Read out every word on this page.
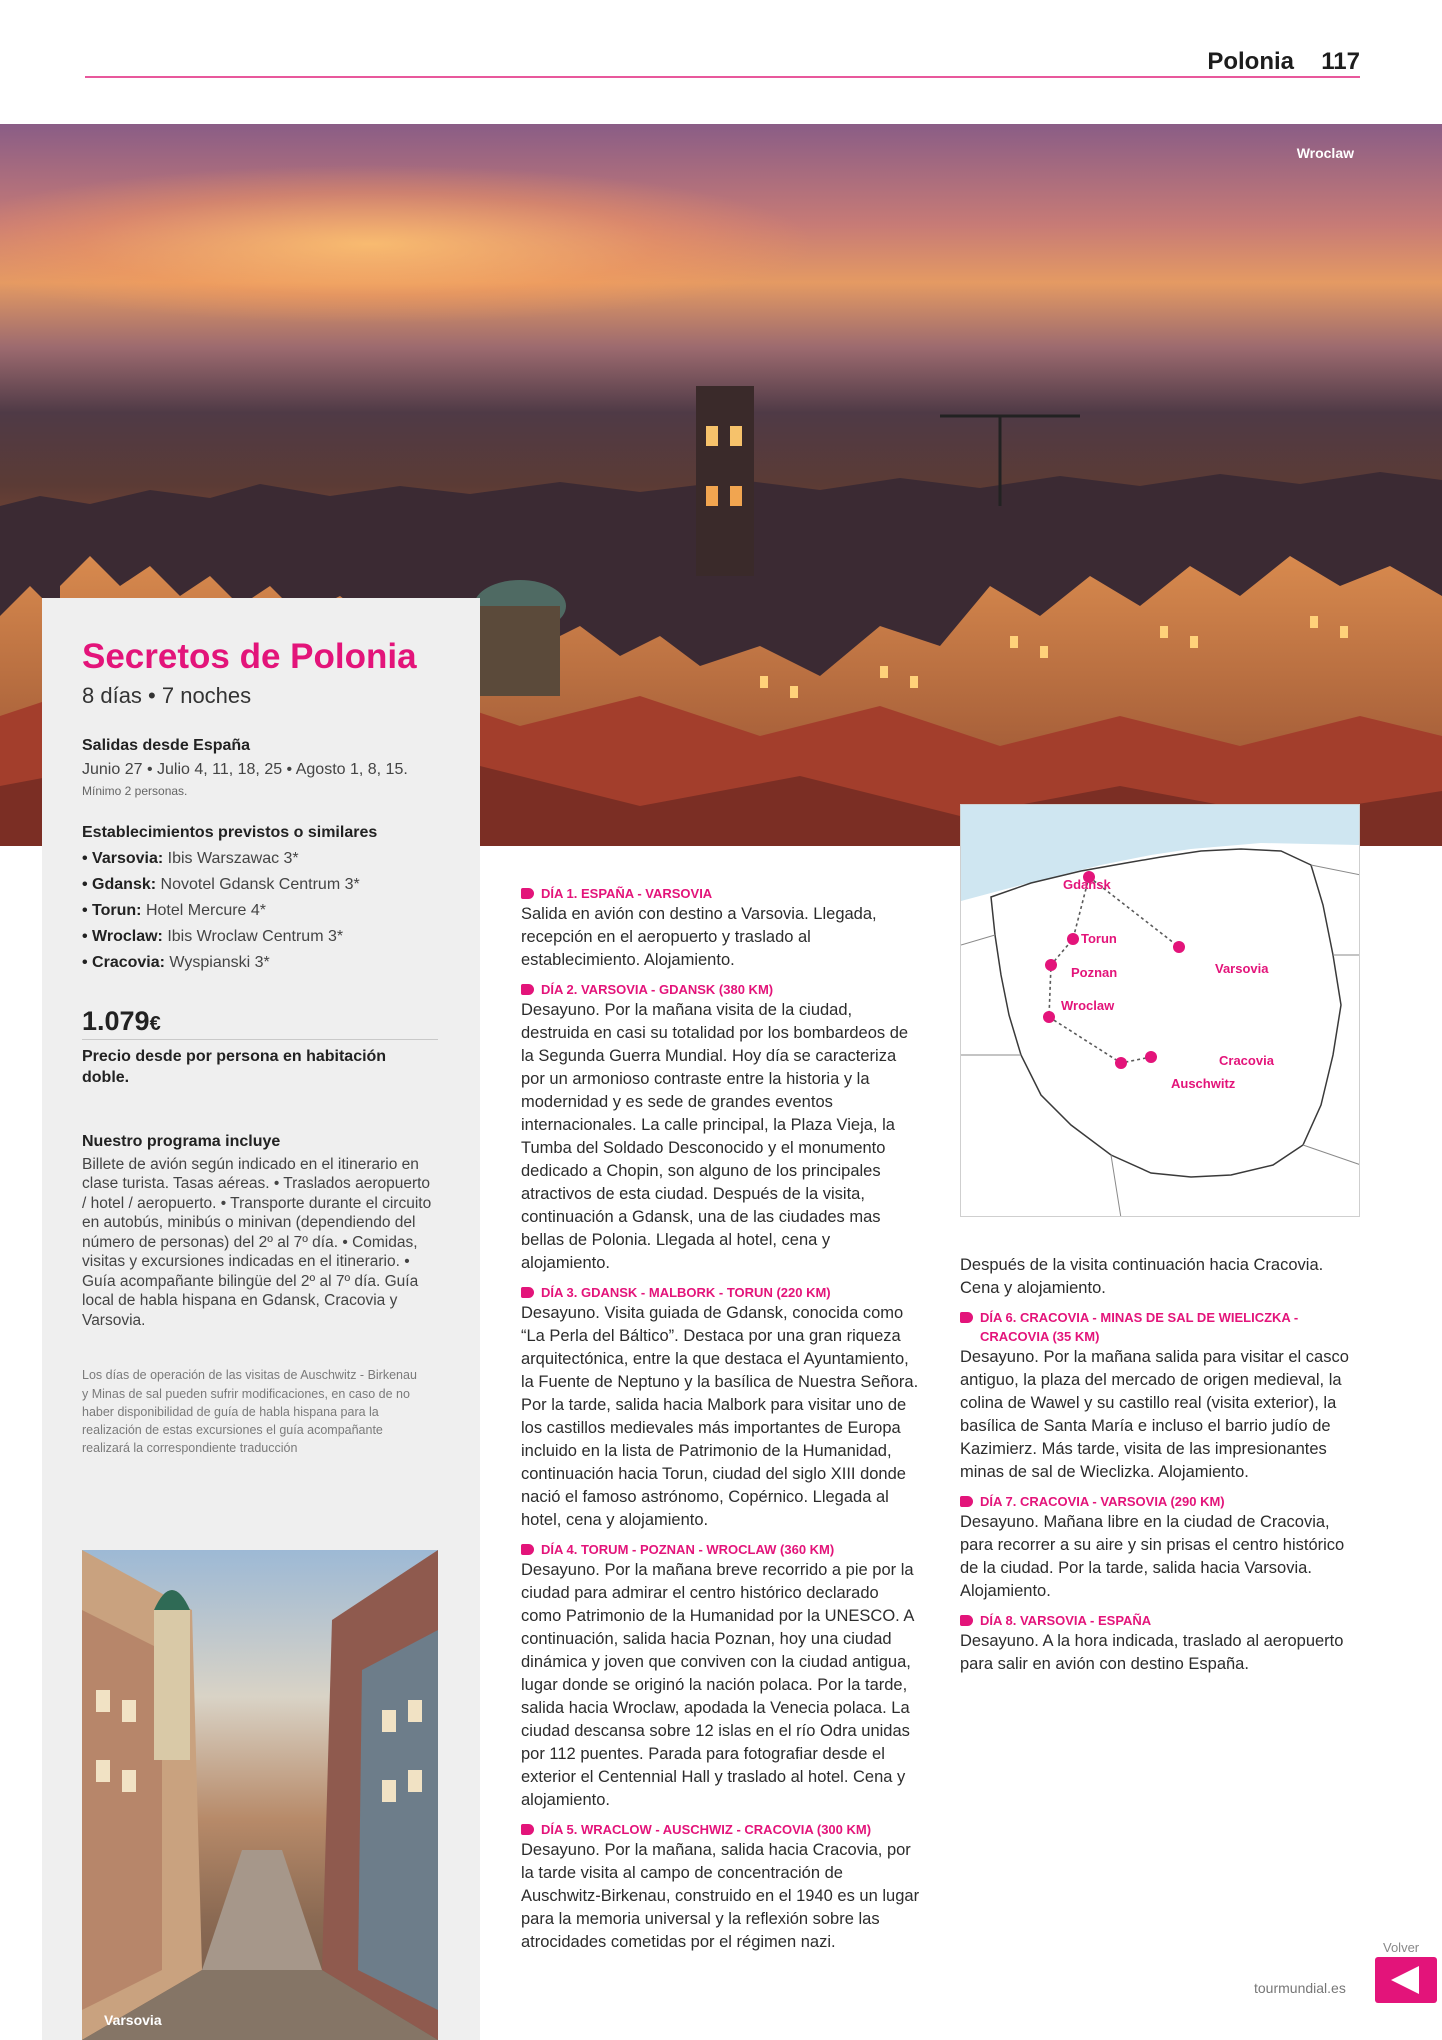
Polonia 117
Wroclaw
Secretos de Polonia
8 días • 7 noches
Salidas desde España
Junio 27 • Julio 4, 11, 18, 25 • Agosto 1, 8, 15.
Mínimo 2 personas.
Establecimientos previstos o similares
• Varsovia: Ibis Warszawac 3*
• Gdansk: Novotel Gdansk Centrum 3*
• Torun: Hotel Mercure 4*
• Wroclaw: Ibis Wroclaw Centrum 3*
• Cracovia: Wyspianski 3*
1.079€
Precio desde por persona en habitación doble.
Nuestro programa incluye
Billete de avión según indicado en el itinerario en clase turista. Tasas aéreas. • Traslados aeropuerto / hotel / aeropuerto. • Transporte durante el circuito en autobús, minibús o minivan (dependiendo del número de personas) del 2º al 7º día. • Comidas, visitas y excursiones indicadas en el itinerario. • Guía acompañante bilingüe del 2º al 7º día. Guía local de habla hispana en Gdansk, Cracovia y Varsovia.
Los días de operación de las visitas de Auschwitz - Birkenau y Minas de sal pueden sufrir modificaciones, en caso de no haber disponibilidad de guía de habla hispana para la realización de estas excursiones el guía acompañante realizará la correspondiente traducción
Varsovia
DÍA 1. ESPAÑA - VARSOVIA
Salida en avión con destino a Varsovia. Llegada, recepción en el aeropuerto y traslado al establecimiento. Alojamiento.
DÍA 2. VARSOVIA - GDANSK (380 KM)
Desayuno. Por la mañana visita de la ciudad, destruida en casi su totalidad por los bombardeos de la Segunda Guerra Mundial. Hoy día se caracteriza por un armonioso contraste entre la historia y la modernidad y es sede de grandes eventos internacionales. La calle principal, la Plaza Vieja, la Tumba del Soldado Desconocido y el monumento dedicado a Chopin, son alguno de los principales atractivos de esta ciudad. Después de la visita, continuación a Gdansk, una de las ciudades mas bellas de Polonia. Llegada al hotel, cena y alojamiento.
DÍA 3. GDANSK - MALBORK - TORUN (220 KM)
Desayuno. Visita guiada de Gdansk, conocida como “La Perla del Báltico”. Destaca por una gran riqueza arquitectónica, entre la que destaca el Ayuntamiento, la Fuente de Neptuno y la basílica de Nuestra Señora. Por la tarde, salida hacia Malbork para visitar uno de los castillos medievales más importantes de Europa incluido en la lista de Patrimonio de la Humanidad, continuación hacia Torun, ciudad del siglo XIII donde nació el famoso astrónomo, Copérnico. Llegada al hotel, cena y alojamiento.
DÍA 4. TORUM - POZNAN - WROCLAW (360 KM)
Desayuno. Por la mañana breve recorrido a pie por la ciudad para admirar el centro histórico declarado como Patrimonio de la Humanidad por la UNESCO. A continuación, salida hacia Poznan, hoy una ciudad dinámica y joven que conviven con la ciudad antigua, lugar donde se originó la nación polaca. Por la tarde, salida hacia Wroclaw, apodada la Venecia polaca. La ciudad descansa sobre 12 islas en el río Odra unidas por 112 puentes. Parada para fotografiar desde el exterior el Centennial Hall y traslado al hotel. Cena y alojamiento.
DÍA 5. WRACLOW - AUSCHWIZ - CRACOVIA (300 KM)
Desayuno. Por la mañana, salida hacia Cracovia, por la tarde visita al campo de concentración de Auschwitz-Birkenau, construido en el 1940 es un lugar para la memoria universal y la reflexión sobre las atrocidades cometidas por el régimen nazi.
Gdansk
Torun
Varsovia
Poznan
Wroclaw
Cracovia
Auschwitz
Después de la visita continuación hacia Cracovia. Cena y alojamiento.
DÍA 6. CRACOVIA - MINAS DE SAL DE WIELICZKA - CRACOVIA (35 KM)
Desayuno. Por la mañana salida para visitar el casco antiguo, la plaza del mercado de origen medieval, la colina de Wawel y su castillo real (visita exterior), la basílica de Santa María e incluso el barrio judío de Kazimierz. Más tarde, visita de las impresionantes minas de sal de Wieclizka. Alojamiento.
DÍA 7. CRACOVIA - VARSOVIA (290 KM)
Desayuno. Mañana libre en la ciudad de Cracovia, para recorrer a su aire y sin prisas el centro histórico de la ciudad. Por la tarde, salida hacia Varsovia. Alojamiento.
DÍA 8. VARSOVIA - ESPAÑA
Desayuno. A la hora indicada, traslado al aeropuerto para salir en avión con destino España.
Volver
tourmundial.es
